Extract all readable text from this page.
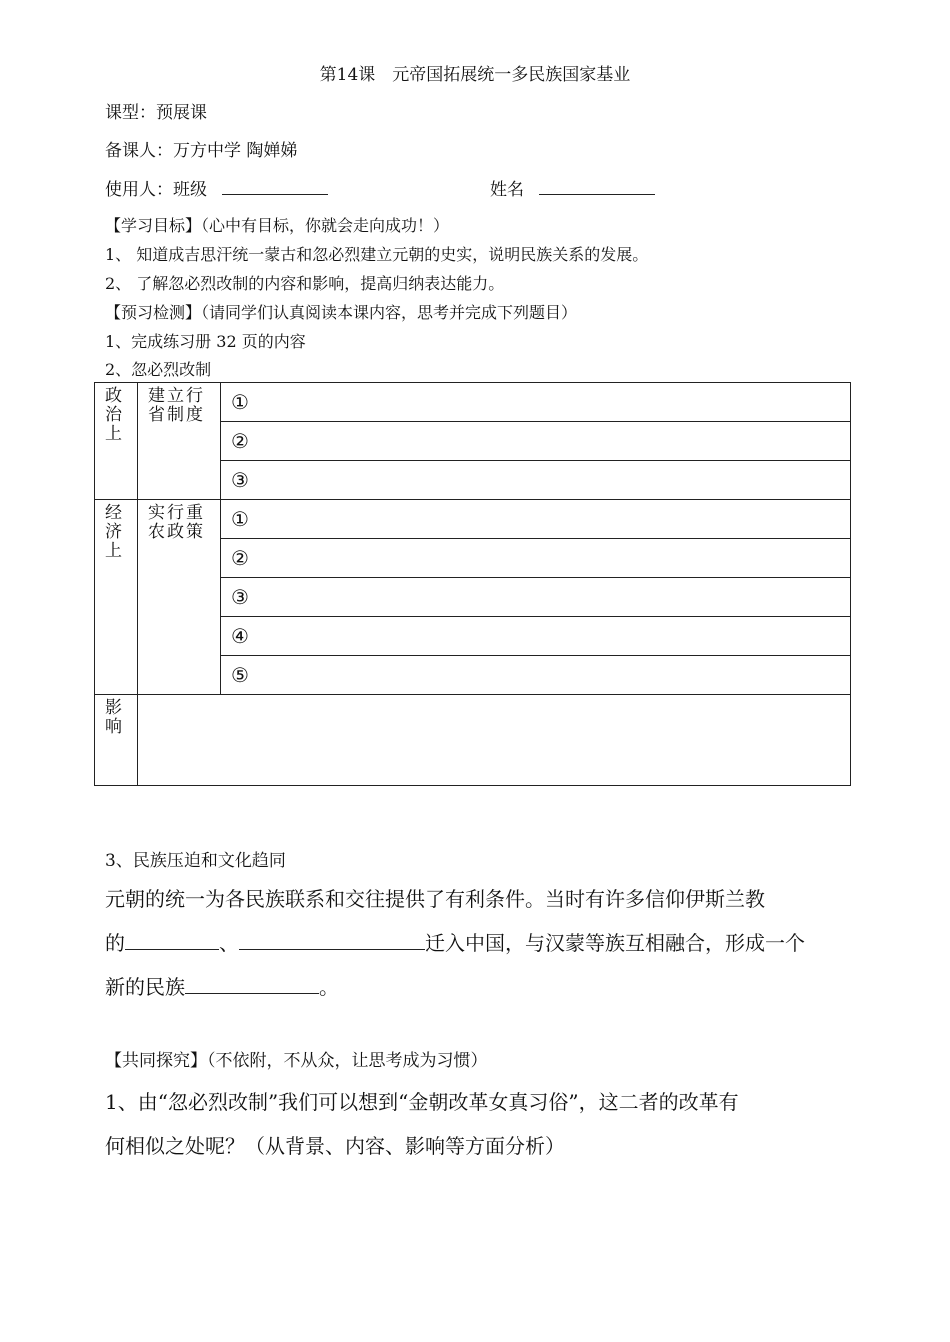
第14课　元帝国拓展统一多民族国家基业
课型：预展课
备课人：万方中学 陶婵娣
使用人：班级	姓名
【学习目标】（心中有目标，你就会走向成功！）
1、 知道成吉思汗统一蒙古和忽必烈建立元朝的史实，说明民族关系的发展。
2、 了解忽必烈改制的内容和影响，提高归纳表达能力。
【预习检测】（请同学们认真阅读本课内容，思考并完成下列题目）
1、完成练习册 32 页的内容
2、忽必烈改制
政治上	建立行省制度	①
		②
		③

经济上	实行重农政策	①
		②
		③
		④
		⑤

影响		

3、民族压迫和文化趋同
元朝的统一为各民族联系和交往提供了有利条件。当时有许多信仰伊斯兰教
的	、	迁入中国，与汉蒙等族互相融合，形成一个
新的民族	。
【共同探究】（不依附，不从众，让思考成为习惯）
1、由“忽必烈改制”我们可以想到“金朝改革女真习俗”，这二者的改革有
何相似之处呢？（从背景、内容、影响等方面分析）
